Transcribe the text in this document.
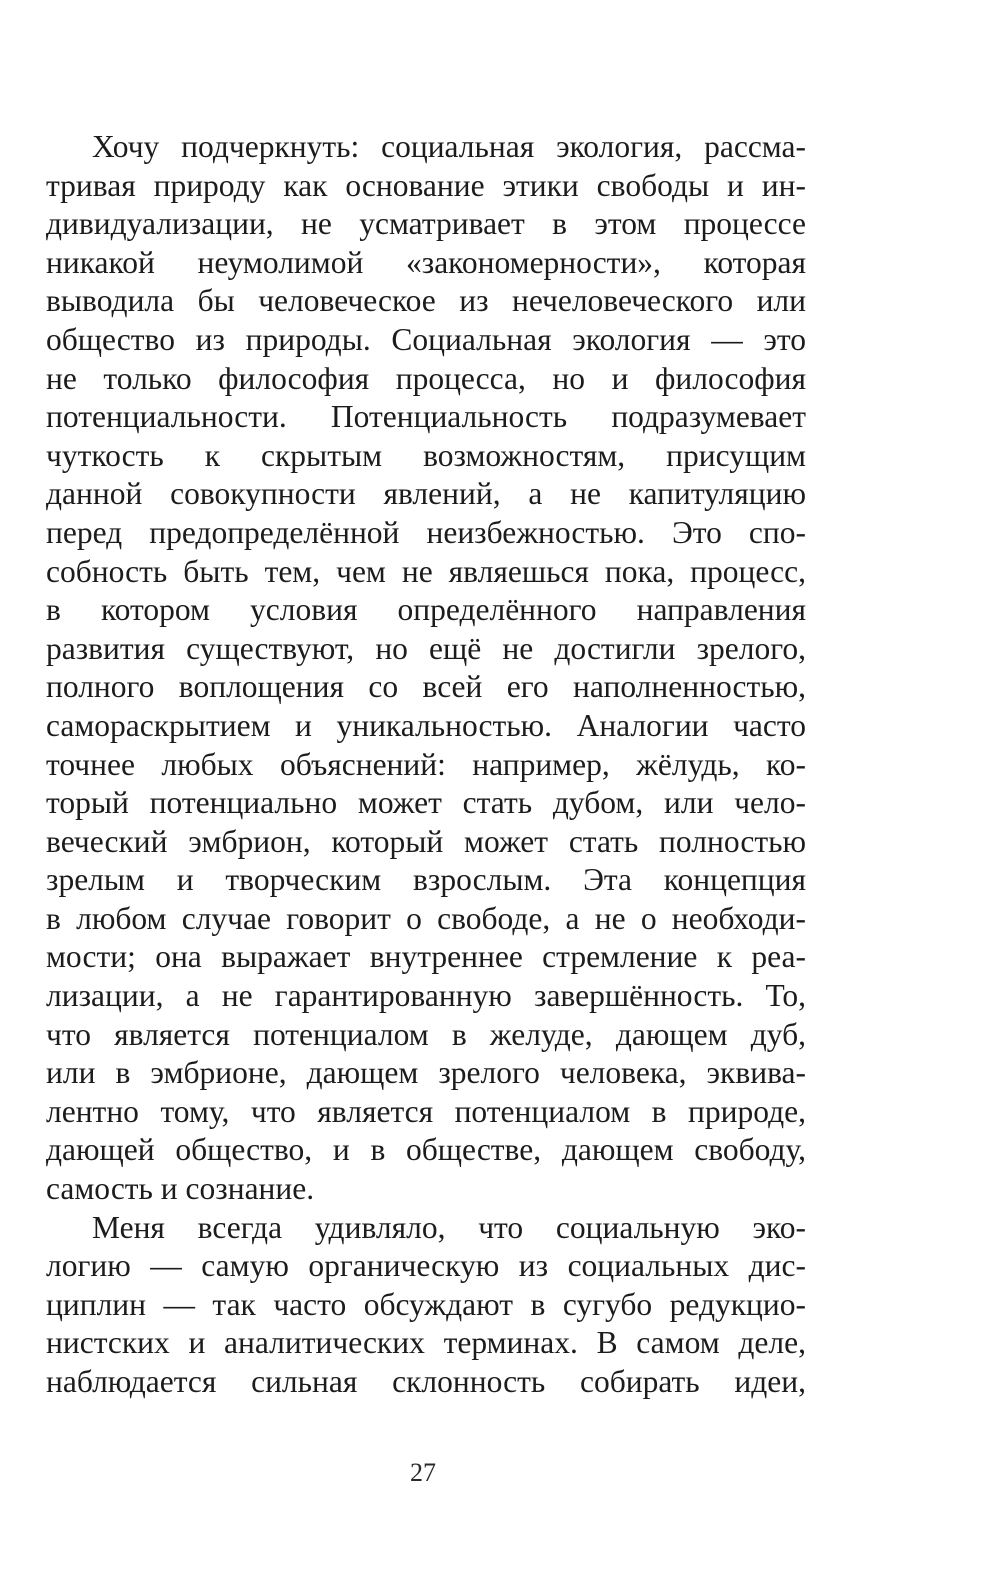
Хочу подчеркнуть: социальная экология, рассма-
тривая природу как основание этики свободы и ин-
дивидуализации, не усматривает в этом процессе
никакой неумолимой «закономерности», которая
выводила бы человеческое из нечеловеческого или
общество из природы. Социальная экология — это
не только философия процесса, но и философия
потенциальности. Потенциальность подразумевает
чуткость к скрытым возможностям, присущим
данной совокупности явлений, а не капитуляцию
перед предопределённой неизбежностью. Это спо-
собность быть тем, чем не являешься пока, процесс,
в котором условия определённого направления
развития существуют, но ещё не достигли зрелого,
полного воплощения со всей его наполненностью,
самораскрытием и уникальностью. Аналогии часто
точнее любых объяснений: например, жёлудь, ко-
торый потенциально может стать дубом, или чело-
веческий эмбрион, который может стать полностью
зрелым и творческим взрослым. Эта концепция
в любом случае говорит о свободе, а не о необходи-
мости; она выражает внутреннее стремление к реа-
лизации, а не гарантированную завершённость. То,
что является потенциалом в желуде, дающем дуб,
или в эмбрионе, дающем зрелого человека, эквива-
лентно тому, что является потенциалом в природе,
дающей общество, и в обществе, дающем свободу,
самость и сознание.
Меня всегда удивляло, что социальную эко-
логию — самую органическую из социальных дис-
циплин — так часто обсуждают в сугубо редукцио-
нистских и аналитических терминах. В самом деле,
наблюдается сильная склонность собирать идеи,
27
